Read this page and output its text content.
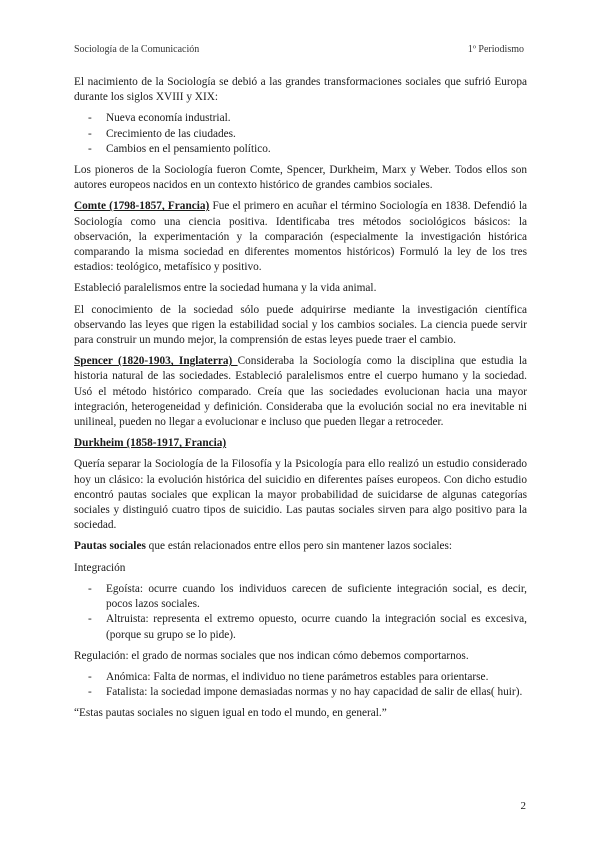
Sociología de la Comunicación	1º Periodismo

El nacimiento de la Sociología se debió a las grandes transformaciones sociales que sufrió Europa durante los siglos XVIII y XIX:

- Nueva economía industrial.
- Crecimiento de las ciudades.
- Cambios en el pensamiento político.

Los pioneros de la Sociología fueron Comte, Spencer, Durkheim, Marx y Weber. Todos ellos son autores europeos nacidos en un contexto histórico de grandes cambios sociales.

Comte (1798-1857, Francia) Fue el primero en acuñar el término Sociología en 1838. Defendió la Sociología como una ciencia positiva. Identificaba tres métodos sociológicos básicos: la observación, la experimentación y la comparación (especialmente la investigación histórica comparando la misma sociedad en diferentes momentos históricos) Formuló la ley de los tres estadios: teológico, metafísico y positivo.

Estableció paralelismos entre la sociedad humana y la vida animal.

El conocimiento de la sociedad sólo puede adquirirse mediante la investigación científica observando las leyes que rigen la estabilidad social y los cambios sociales. La ciencia puede servir para construir un mundo mejor, la comprensión de estas leyes puede traer el cambio.

Spencer (1820-1903, Inglaterra) Consideraba la Sociología como la disciplina que estudia la historia natural de las sociedades. Estableció paralelismos entre el cuerpo humano y la sociedad. Usó el método histórico comparado. Creía que las sociedades evolucionan hacia una mayor integración, heterogeneidad y definición. Consideraba que la evolución social no era inevitable ni unilineal, pueden no llegar a evolucionar e incluso que pueden llegar a retroceder.

Durkheim (1858-1917, Francia)

Quería separar la Sociología de la Filosofía y la Psicología para ello realizó un estudio considerado hoy un clásico: la evolución histórica del suicidio en diferentes países europeos. Con dicho estudio encontró pautas sociales que explican la mayor probabilidad de suicidarse de algunas categorías sociales y distinguió cuatro tipos de suicidio. Las pautas sociales sirven para algo positivo para la sociedad.

Pautas sociales que están relacionados entre ellos pero sin mantener lazos sociales:

Integración

- Egoísta: ocurre cuando los individuos carecen de suficiente integración social, es decir, pocos lazos sociales.
- Altruista: representa el extremo opuesto, ocurre cuando la integración social es excesiva, (porque su grupo se lo pide).

Regulación: el grado de normas sociales que nos indican cómo debemos comportarnos.

- Anómica: Falta de normas, el individuo no tiene parámetros estables para orientarse.
- Fatalista: la sociedad impone demasiadas normas y no hay capacidad de salir de ellas( huir).

“Estas pautas sociales no siguen igual en todo el mundo, en general.”

2
